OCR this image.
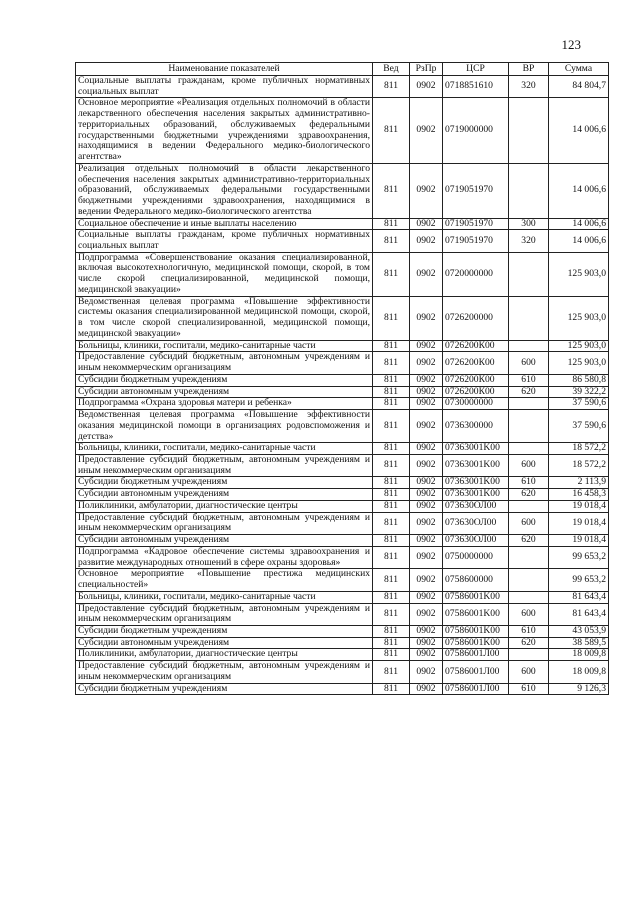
123
Наименование показателей	Вед	РзПр	ЦСР	ВР	Сумма
Социальные выплаты гражданам, кроме публичных нормативных социальных выплат	811	0902	0718851610	320	84 804,7
Основное мероприятие «Реализация отдельных полномочий в области лекарственного обеспечения населения закрытых административно-территориальных образований, обслуживаемых федеральными государственными бюджетными учреждениями здравоохранения, находящимися в ведении Федерального медико-биологического агентства»	811	0902	0719000000		14 006,6
Реализация отдельных полномочий в области лекарственного обеспечения населения закрытых административно-территориальных образований, обслуживаемых федеральными государственными бюджетными учреждениями здравоохранения, находящимися в ведении Федерального медико-биологического агентства	811	0902	0719051970		14 006,6
Социальное обеспечение и иные выплаты населению	811	0902	0719051970	300	14 006,6
Социальные выплаты гражданам, кроме публичных нормативных социальных выплат	811	0902	0719051970	320	14 006,6
Подпрограмма «Совершенствование оказания специализированной, включая высокотехнологичную, медицинской помощи, скорой, в том числе скорой специализированной, медицинской помощи, медицинской эвакуации»	811	0902	0720000000		125 903,0
Ведомственная целевая программа «Повышение эффективности системы оказания специализированной медицинской помощи, скорой, в том числе скорой специализированной, медицинской помощи, медицинской эвакуации»	811	0902	0726200000		125 903,0
Больницы, клиники, госпитали, медико-санитарные части	811	0902	0726200К00		125 903,0
Предоставление субсидий бюджетным, автономным учреждениям и иным некоммерческим организациям	811	0902	0726200К00	600	125 903,0
Субсидии бюджетным учреждениям	811	0902	0726200К00	610	86 580,8
Субсидии автономным учреждениям	811	0902	0726200К00	620	39 322,2
Подпрограмма «Охрана здоровья матери и ребенка»	811	0902	0730000000		37 590,6
Ведомственная целевая программа «Повышение эффективности оказания медицинской помощи в организациях родовспоможения и детства»	811	0902	0736300000		37 590,6
Больницы, клиники, госпитали, медико-санитарные части	811	0902	07363001K00		18 572,2
Предоставление субсидий бюджетным, автономным учреждениям и иным некоммерческим организациям	811	0902	07363001K00	600	18 572,2
Субсидии бюджетным учреждениям	811	0902	07363001K00	610	2 113,9
Субсидии автономным учреждениям	811	0902	07363001K00	620	16 458,3
Поликлиники, амбулатории, диагностические центры	811	0902	073630ОЛ00		19 018,4
Предоставление субсидий бюджетным, автономным учреждениям и иным некоммерческим организациям	811	0902	073630ОЛ00	600	19 018,4
Субсидии автономным учреждениям	811	0902	073630ОЛ00	620	19 018,4
Подпрограмма «Кадровое обеспечение системы здравоохранения и развитие международных отношений в сфере охраны здоровья»	811	0902	0750000000		99 653,2
Основное мероприятие «Повышение престижа медицинских специальностей»	811	0902	0758600000		99 653,2
Больницы, клиники, госпитали, медико-санитарные части	811	0902	07586001K00		81 643,4
Предоставление субсидий бюджетным, автономным учреждениям и иным некоммерческим организациям	811	0902	07586001K00	600	81 643,4
Субсидии бюджетным учреждениям	811	0902	07586001K00	610	43 053,9
Субсидии автономным учреждениям	811	0902	07586001K00	620	38 589,5
Поликлиники, амбулатории, диагностические центры	811	0902	07586001Л00		18 009,8
Предоставление субсидий бюджетным, автономным учреждениям и иным некоммерческим организациям	811	0902	07586001Л00	600	18 009,8
Субсидии бюджетным учреждениям	811	0902	07586001Л00	610	9 126,3
